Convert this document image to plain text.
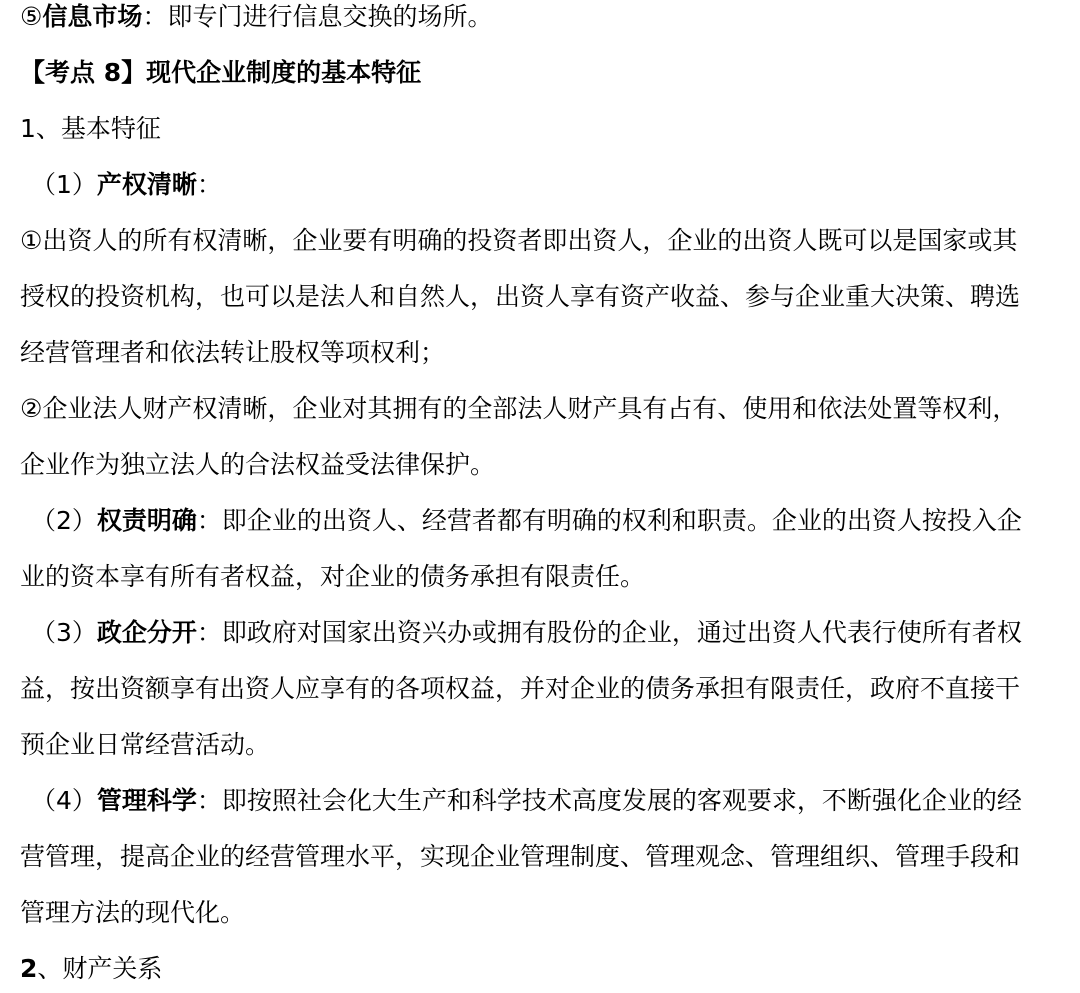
⑤信息市场：即专门进行信息交换的场所。
【考点 8】现代企业制度的基本特征
1、基本特征
（1）产权清晰：
①出资人的所有权清晰，企业要有明确的投资者即出资人，企业的出资人既可以是国家或其
授权的投资机构，也可以是法人和自然人，出资人享有资产收益、参与企业重大决策、聘选
经营管理者和依法转让股权等项权利；
②企业法人财产权清晰，企业对其拥有的全部法人财产具有占有、使用和依法处置等权利，
企业作为独立法人的合法权益受法律保护。
（2）权责明确：即企业的出资人、经营者都有明确的权利和职责。企业的出资人按投入企
业的资本享有所有者权益，对企业的债务承担有限责任。
（3）政企分开：即政府对国家出资兴办或拥有股份的企业，通过出资人代表行使所有者权
益，按出资额享有出资人应享有的各项权益，并对企业的债务承担有限责任，政府不直接干
预企业日常经营活动。
（4）管理科学：即按照社会化大生产和科学技术高度发展的客观要求，不断强化企业的经
营管理，提高企业的经营管理水平，实现企业管理制度、管理观念、管理组织、管理手段和
管理方法的现代化。
2、财产关系
